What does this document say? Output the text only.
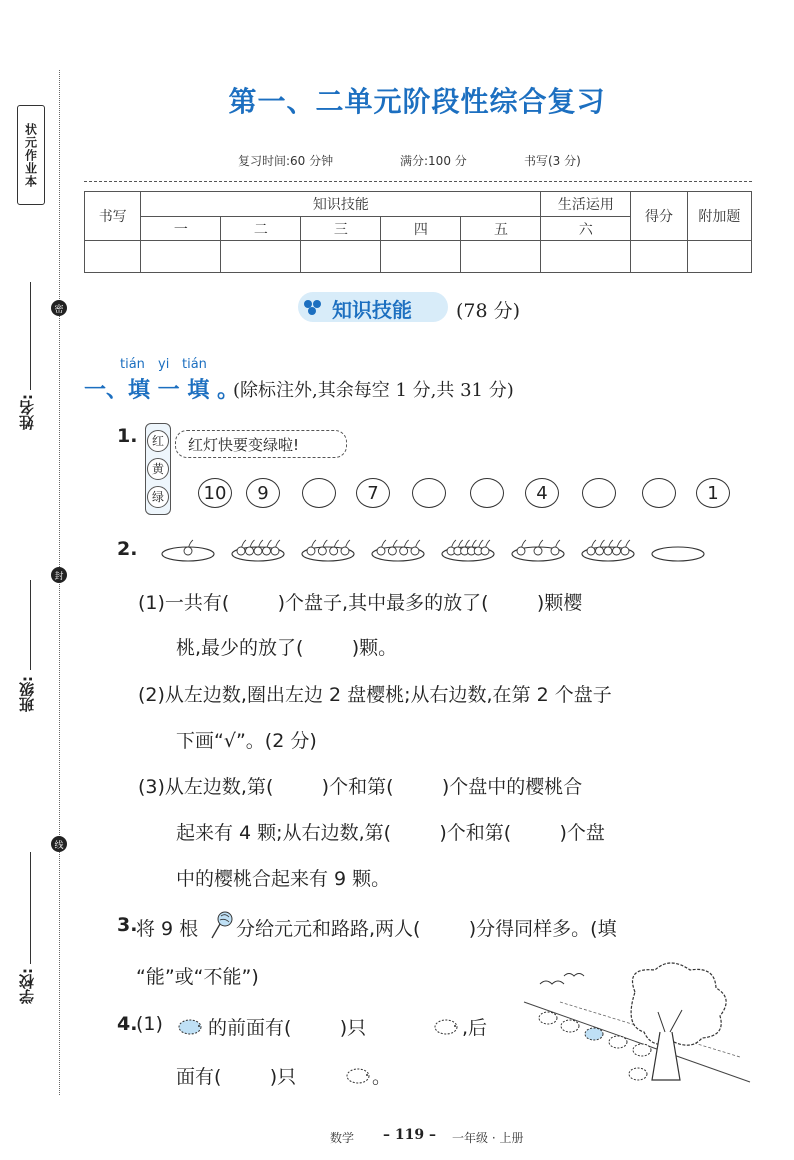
状元作业本
密
封
线
姓名:
班级:
学校:
第一、二单元阶段性综合复习
复习时间:60 分钟	满分:100 分	书写(3 分)
书写	知识技能					生活运用	得分	附加题
	一	二	三	四	五	六		

知识技能 (78 分)
tián yi tián
一、填 一 填 。
(除标注外,其余每空 1 分,共 31 分)
1.	红
黄
绿
红灯快要变绿啦!
10	9	7	4	1
2.
(1)一共有(        )个盘子,其中最多的放了(        )颗樱
桃,最少的放了(        )颗。
(2)从左边数,圈出左边 2 盘樱桃;从右边数,在第 2 个盘子
下画“√”。(2 分)
(3)从左边数,第(        )个和第(        )个盘中的樱桃合
起来有 4 颗;从右边数,第(        )个和第(        )个盘
中的樱桃合起来有 9 颗。
3.
将 9 根 分给元元和路路,两人(        )分得同样多。(填
“能”或“不能”)
4.
(1) 的前面有(        )只	,后
面有(        )只	。
数学 – 119 – 一年级 · 上册
